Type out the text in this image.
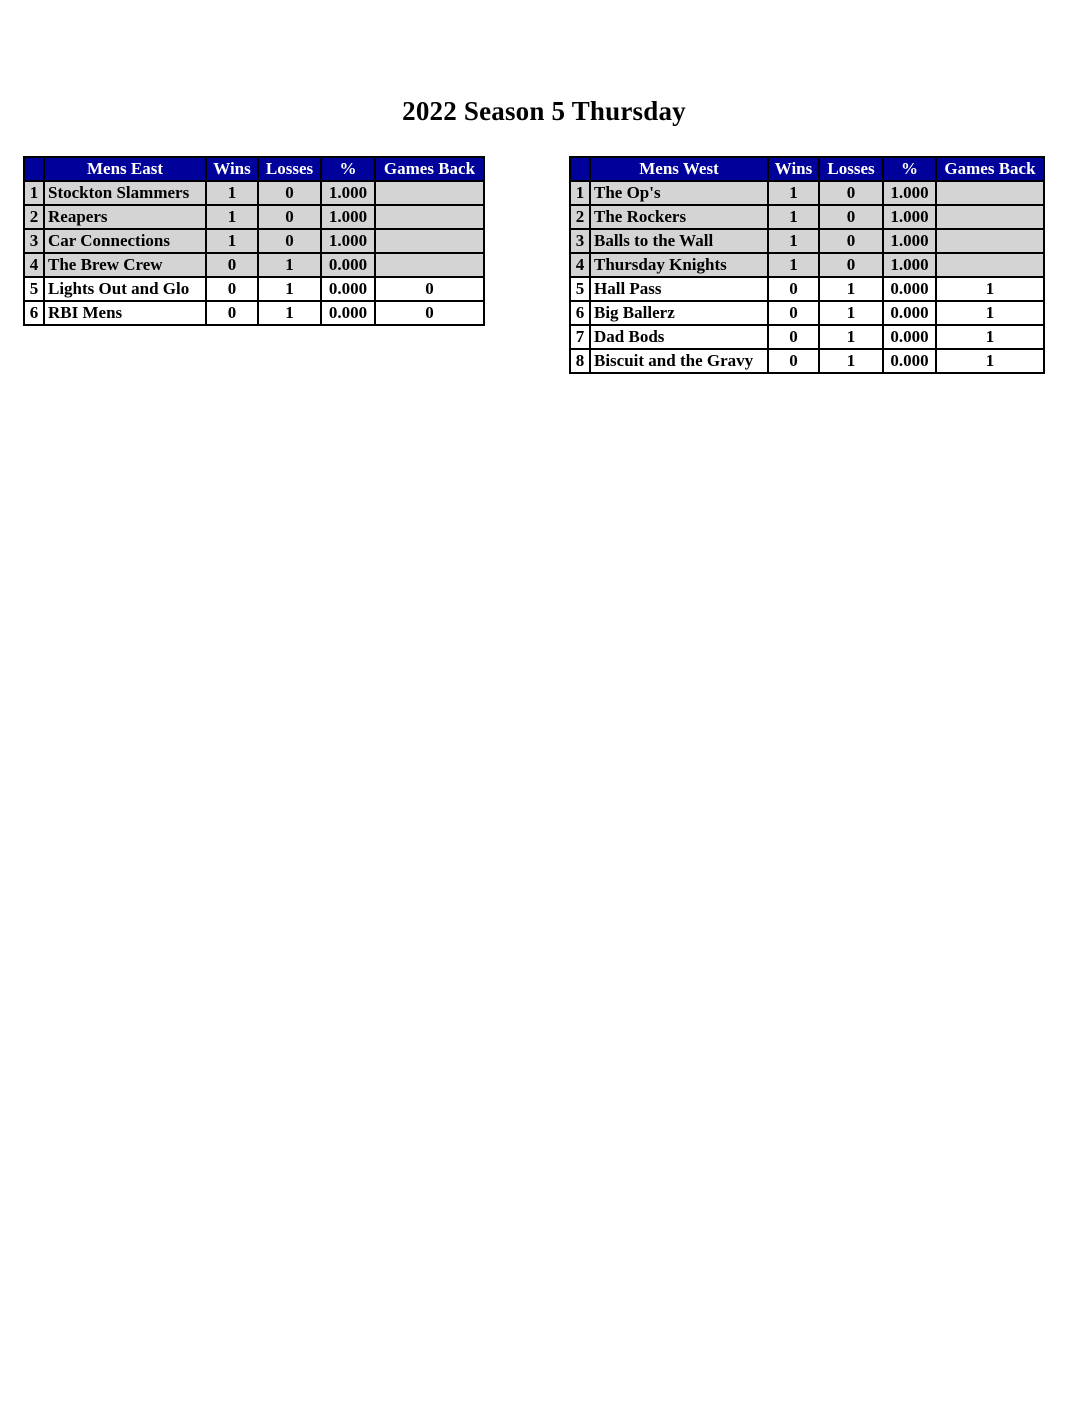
2022 Season 5 Thursday
	Mens East	Wins	Losses	%	Games Back
1	Stockton Slammers	1	0	1.000	
2	Reapers	1	0	1.000	
3	Car Connections	1	0	1.000	
4	The Brew Crew	0	1	0.000	
5	Lights Out and Glo	0	1	0.000	0
6	RBI Mens	0	1	0.000	0
	Mens West	Wins	Losses	%	Games Back
1	The Op's	1	0	1.000	
2	The Rockers	1	0	1.000	
3	Balls to the Wall	1	0	1.000	
4	Thursday Knights	1	0	1.000	
5	Hall Pass	0	1	0.000	1
6	Big Ballerz	0	1	0.000	1
7	Dad Bods	0	1	0.000	1
8	Biscuit and the Gravy	0	1	0.000	1
